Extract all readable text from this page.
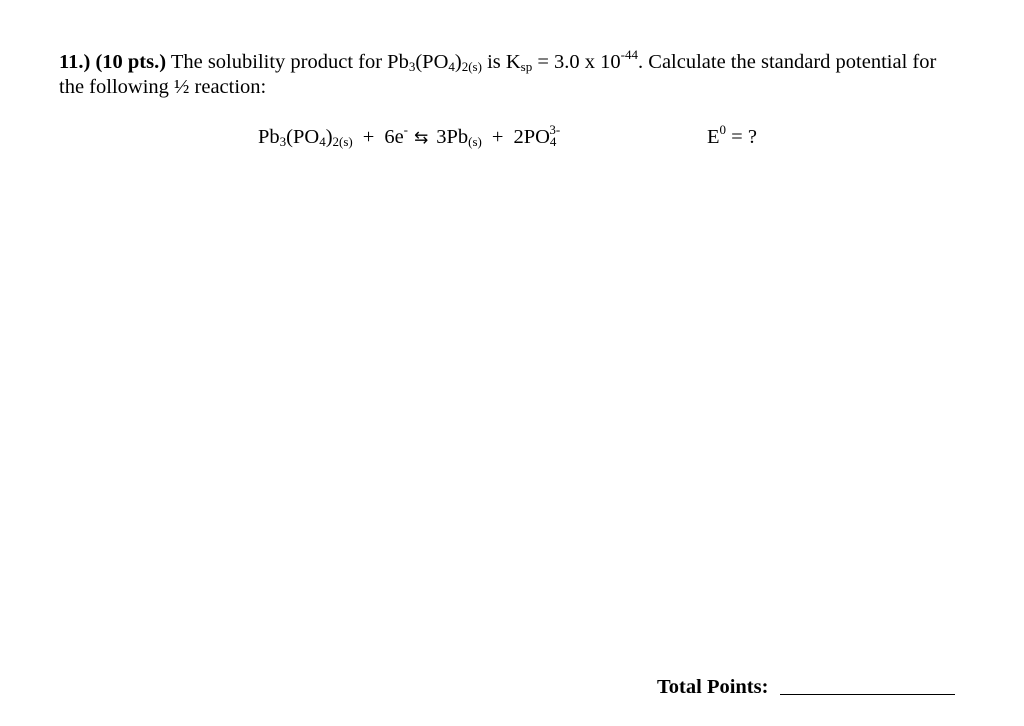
11.) (10 pts.) The solubility product for Pb3(PO4)2(s) is Ksp = 3.0 x $10^{-44}$. Calculate the standard potential for the following ½ reaction:
Pb3(PO4)2(s) + 6e- ⇆ $3Pb(s) + 2PO4^{3-}$	$E^0$ = ?
Total Points:
